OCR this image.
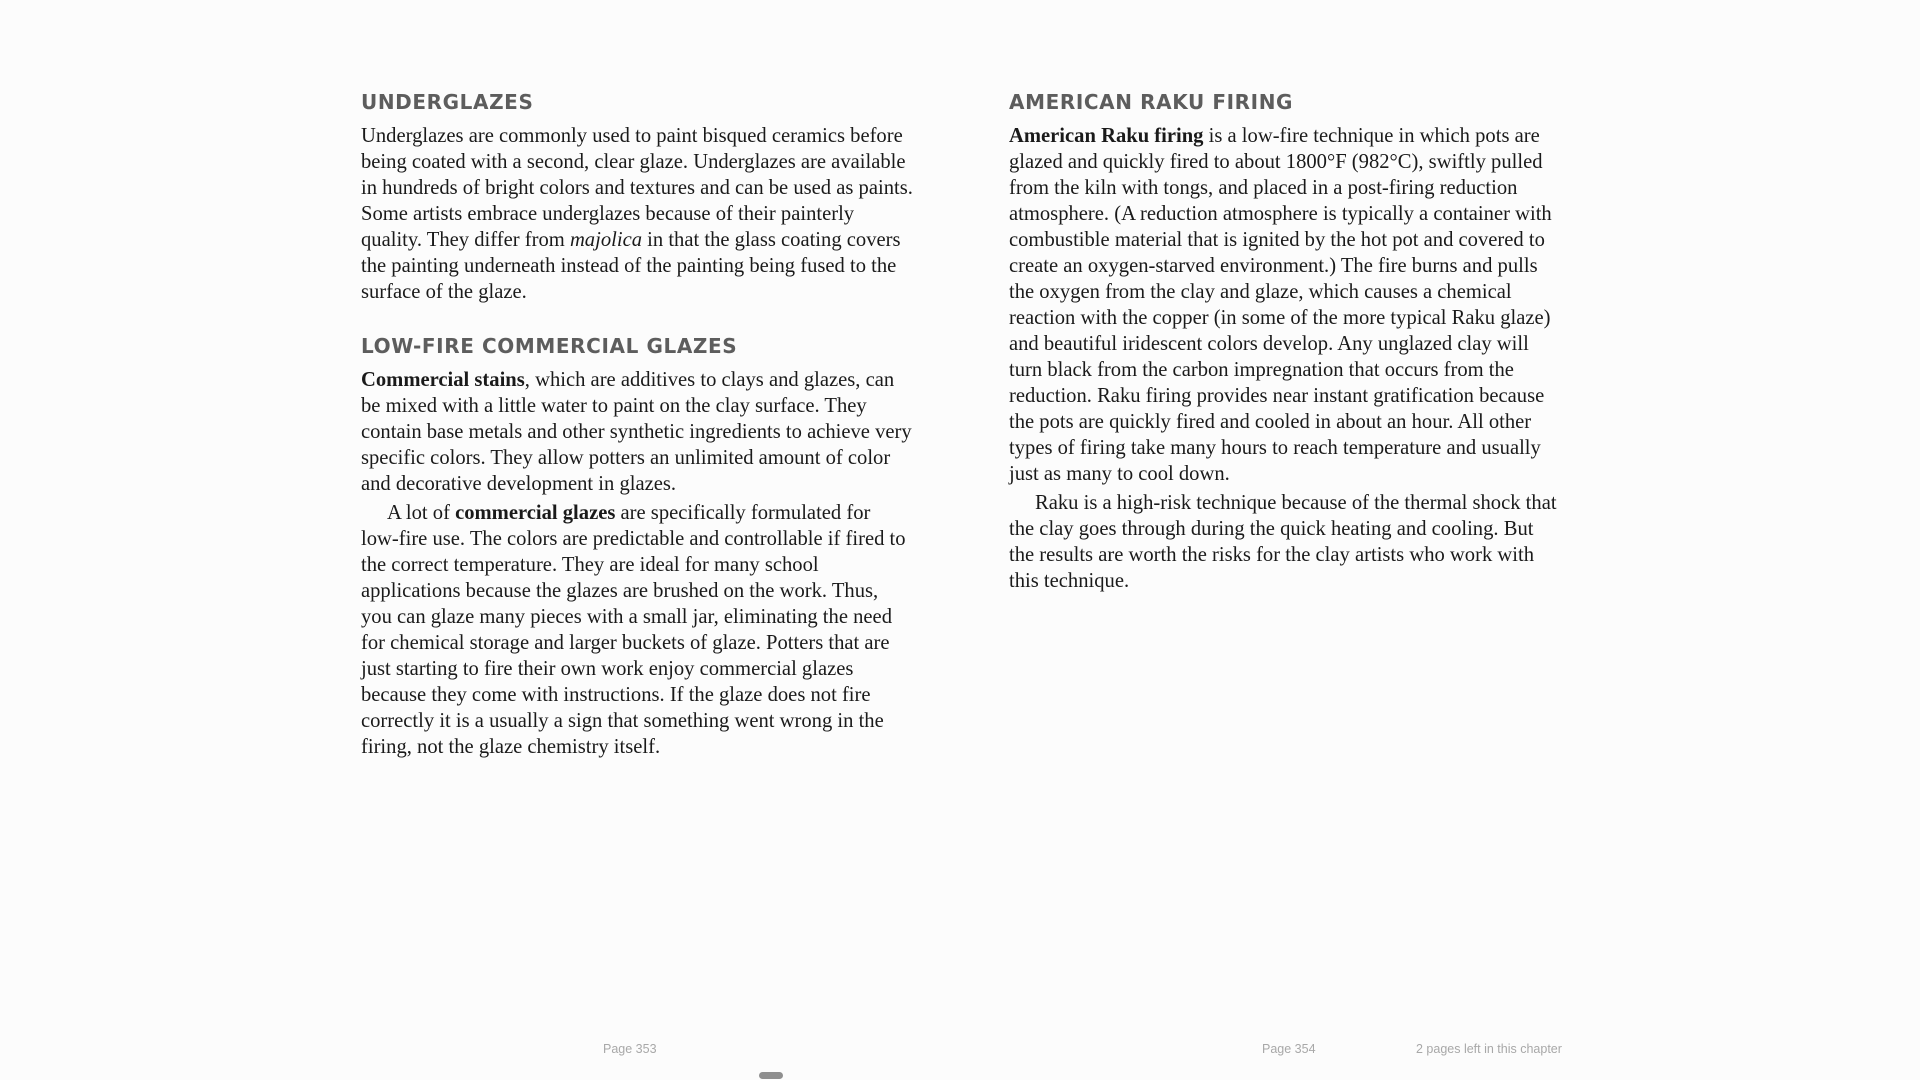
UNDERGLAZES

Underglazes are commonly used to paint bisqued ceramics before being coated with a second, clear glaze. Underglazes are available in hundreds of bright colors and textures and can be used as paints. Some artists embrace underglazes because of their painterly quality. They differ from majolica in that the glass coating covers the painting underneath instead of the painting being fused to the surface of the glaze.

LOW-FIRE COMMERCIAL GLAZES

Commercial stains, which are additives to clays and glazes, can be mixed with a little water to paint on the clay surface. They contain base metals and other synthetic ingredients to achieve very specific colors. They allow potters an unlimited amount of color and decorative development in glazes.

A lot of commercial glazes are specifically formulated for low-fire use. The colors are predictable and controllable if fired to the correct temperature. They are ideal for many school applications because the glazes are brushed on the work. Thus, you can glaze many pieces with a small jar, eliminating the need for chemical storage and larger buckets of glaze. Potters that are just starting to fire their own work enjoy commercial glazes because they come with instructions. If the glaze does not fire correctly it is a usually a sign that something went wrong in the firing, not the glaze chemistry itself.

AMERICAN RAKU FIRING

American Raku firing is a low-fire technique in which pots are glazed and quickly fired to about 1800°F (982°C), swiftly pulled from the kiln with tongs, and placed in a post-firing reduction atmosphere. (A reduction atmosphere is typically a container with combustible material that is ignited by the hot pot and covered to create an oxygen-starved environment.) The fire burns and pulls the oxygen from the clay and glaze, which causes a chemical reaction with the copper (in some of the more typical Raku glaze) and beautiful iridescent colors develop. Any unglazed clay will turn black from the carbon impregnation that occurs from the reduction. Raku firing provides near instant gratification because the pots are quickly fired and cooled in about an hour. All other types of firing take many hours to reach temperature and usually just as many to cool down.

Raku is a high-risk technique because of the thermal shock that the clay goes through during the quick heating and cooling. But the results are worth the risks for the clay artists who work with this technique.

Page 353	Page 354	2 pages left in this chapter
